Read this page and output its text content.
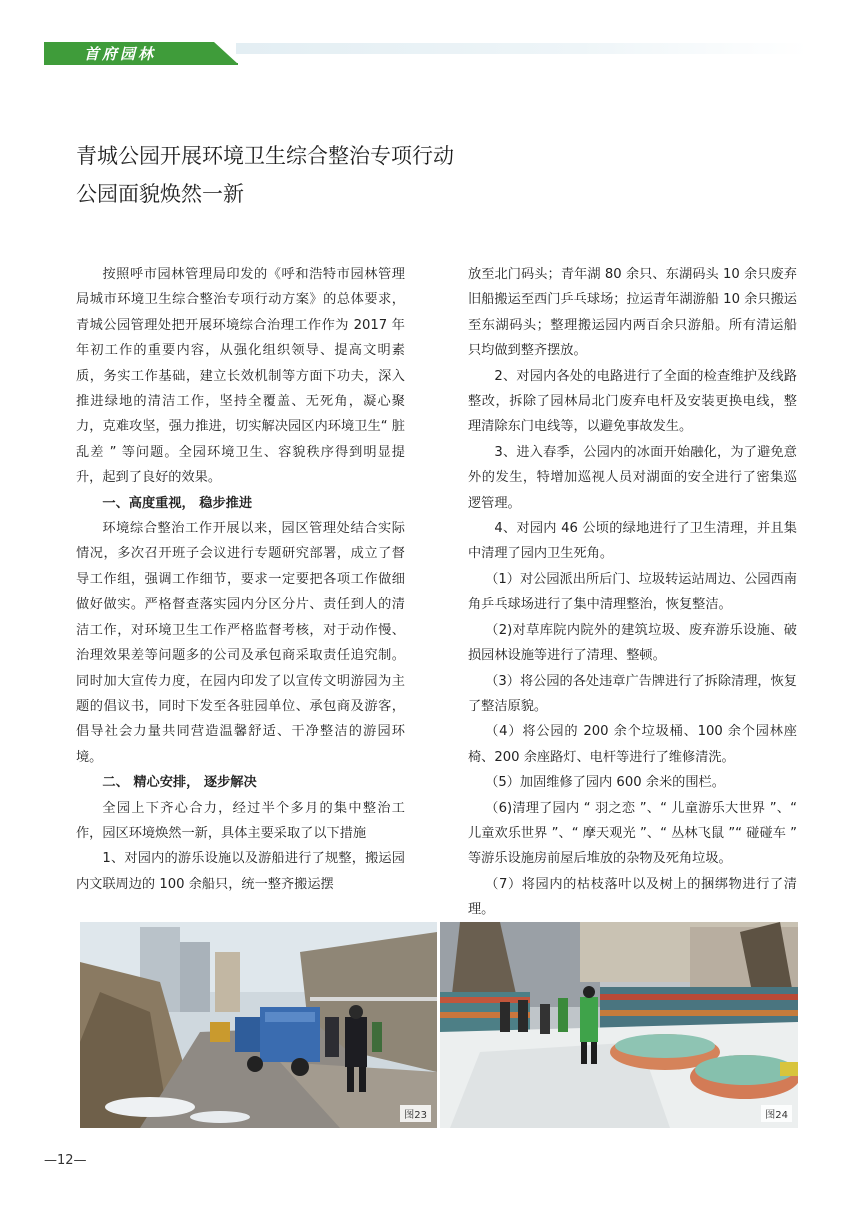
首府园林
青城公园开展环境卫生综合整治专项行动
公园面貌焕然一新

按照呼市园林管理局印发的《呼和浩特市园林管理局城市环境卫生综合整治专项行动方案》的总体要求，青城公园管理处把开展环境综合治理工作作为 2017 年年初工作的重要内容，从强化组织领导、提高文明素质，务实工作基础，建立长效机制等方面下功夫，深入推进绿地的清洁工作，坚持全覆盖、无死角，凝心聚力，克难攻坚，强力推进，切实解决园区内环境卫生“ 脏乱差 ” 等问题。全园环境卫生、容貌秩序得到明显提升，起到了良好的效果。

一、高度重视， 稳步推进

环境综合整治工作开展以来，园区管理处结合实际情况，多次召开班子会议进行专题研究部署，成立了督导工作组，强调工作细节，要求一定要把各项工作做细做好做实。严格督查落实园内分区分片、责任到人的清洁工作，对环境卫生工作严格监督考核，对于动作慢、治理效果差等问题多的公司及承包商采取责任追究制。同时加大宣传力度，在园内印发了以宣传文明游园为主题的倡议书，同时下发至各驻园单位、承包商及游客，倡导社会力量共同营造温馨舒适、干净整洁的游园环境。

二、 精心安排， 逐步解决

全园上下齐心合力，经过半个多月的集中整治工作，园区环境焕然一新，具体主要采取了以下措施

1、对园内的游乐设施以及游船进行了规整，搬运园内文联周边的 100 余船只，统一整齐搬运摆

放至北门码头；青年湖 80 余只、东湖码头 10 余只废弃旧船搬运至西门乒乓球场；拉运青年湖游船 10 余只搬运至东湖码头；整理搬运园内两百余只游船。所有清运船只均做到整齐摆放。

2、对园内各处的电路进行了全面的检查维护及线路整改，拆除了园林局北门废弃电杆及安装更换电线，整理清除东门电线等，以避免事故发生。

3、进入春季，公园内的冰面开始融化，为了避免意外的发生，特增加巡视人员对湖面的安全进行了密集巡逻管理。

4、对园内 46 公顷的绿地进行了卫生清理，并且集中清理了园内卫生死角。

（1）对公园派出所后门、垃圾转运站周边、公园西南角乒乓球场进行了集中清理整治，恢复整洁。

（2)对草库院内院外的建筑垃圾、废弃游乐设施、破损园林设施等进行了清理、整顿。

（3）将公园的各处违章广告牌进行了拆除清理，恢复了整洁原貌。

（4）将公园的 200 余个垃圾桶、100 余个园林座椅、200 余座路灯、电杆等进行了维修清洗。

（5）加固维修了园内 600 余米的围栏。

（6)清理了园内 “ 羽之恋 ”、“ 儿童游乐大世界 ”、“ 儿童欢乐世界 ”、“ 摩天观光 ”、“ 丛林飞鼠 ”“ 碰碰车 ” 等游乐设施房前屋后堆放的杂物及死角垃圾。

（7）将园内的枯枝落叶以及树上的捆绑物进行了清理。

图23	图24
—12—
